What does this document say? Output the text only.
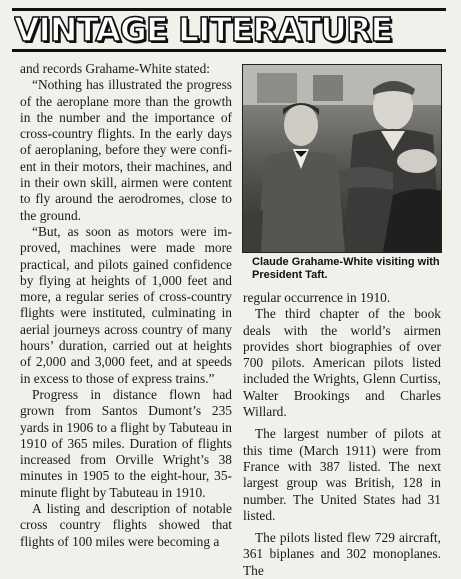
VINTAGE LITERATURE

and records Grahame-White stated:

“Nothing has illustrated the progress of the aeroplane more than the growth in the number and the importance of cross-country flights. In the early days of aeroplaning, before they were confient in their motors, their machines, and in their own skill, airmen were content to fly around the aerodromes, close to the ground.

“But, as soon as motors were improved, machines were made more practical, and pilots gained confidence by flying at heights of 1,000 feet and more, a regular series of cross-country flights were instituted, culminating in aerial journeys across country of many hours’ duration, carried out at heights of 2,000 and 3,000 feet, and at speeds in excess to those of express trains.”

Progress in distance flown had grown from Santos Dumont’s 235 yards in 1906 to a flight by Tabuteau in 1910 of 365 miles. Duration of flights increased from Orville Wright’s 38 minutes in 1905 to the eight-hour, 35-minute flight by Tabuteau in 1910.

A listing and description of notable cross country flights showed that flights of 100 miles were becoming a

Claude Grahame-White visiting with President Taft.

regular occurrence in 1910.

The third chapter of the book deals with the world’s airmen provides short biographies of over 700 pilots. American pilots listed included the Wrights, Glenn Curtiss, Walter Brookings and Charles Willard.

The largest number of pilots at this time (March 1911) were from France with 387 listed. The next largest group was British, 128 in number. The United States had 31 listed.

The pilots listed flew 729 aircraft, 361 biplanes and 302 monoplanes. The
